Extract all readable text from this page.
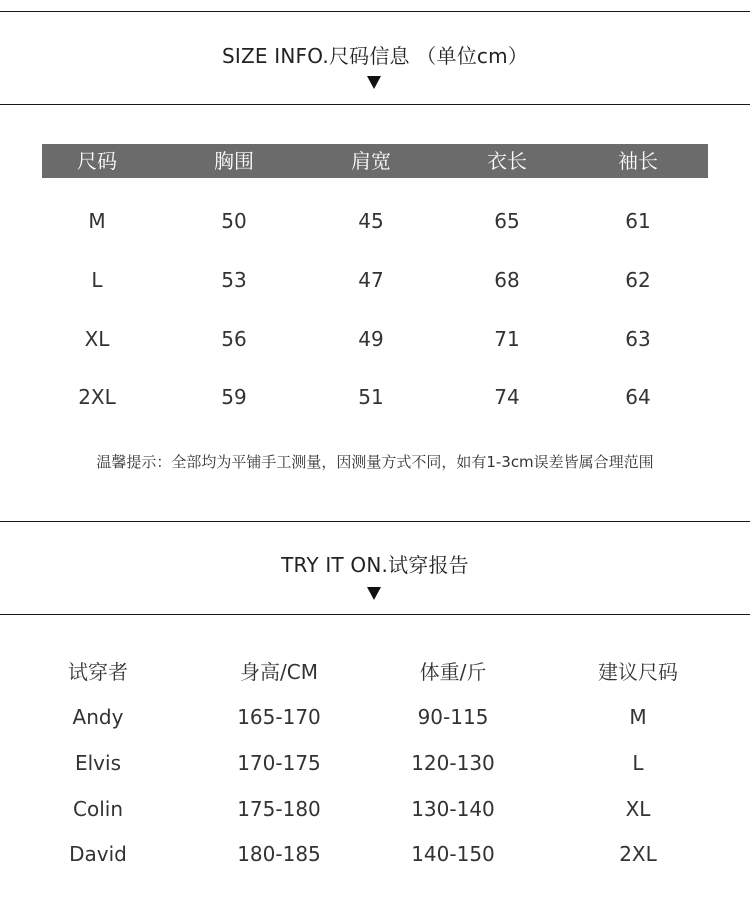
SIZE INFO.尺码信息 （单位cm）
尺码	胸围	肩宽	衣长	袖长
M	50	45	65	61
L	53	47	68	62
XL	56	49	71	63
2XL	59	51	74	64
温馨提示：全部均为平铺手工测量，因测量方式不同，如有1-3cm误差皆属合理范围
TRY IT ON.试穿报告
试穿者	身高/CM	体重/斤	建议尺码
Andy	165-170	90-115	M
Elvis	170-175	120-130	L
Colin	175-180	130-140	XL
David	180-185	140-150	2XL
